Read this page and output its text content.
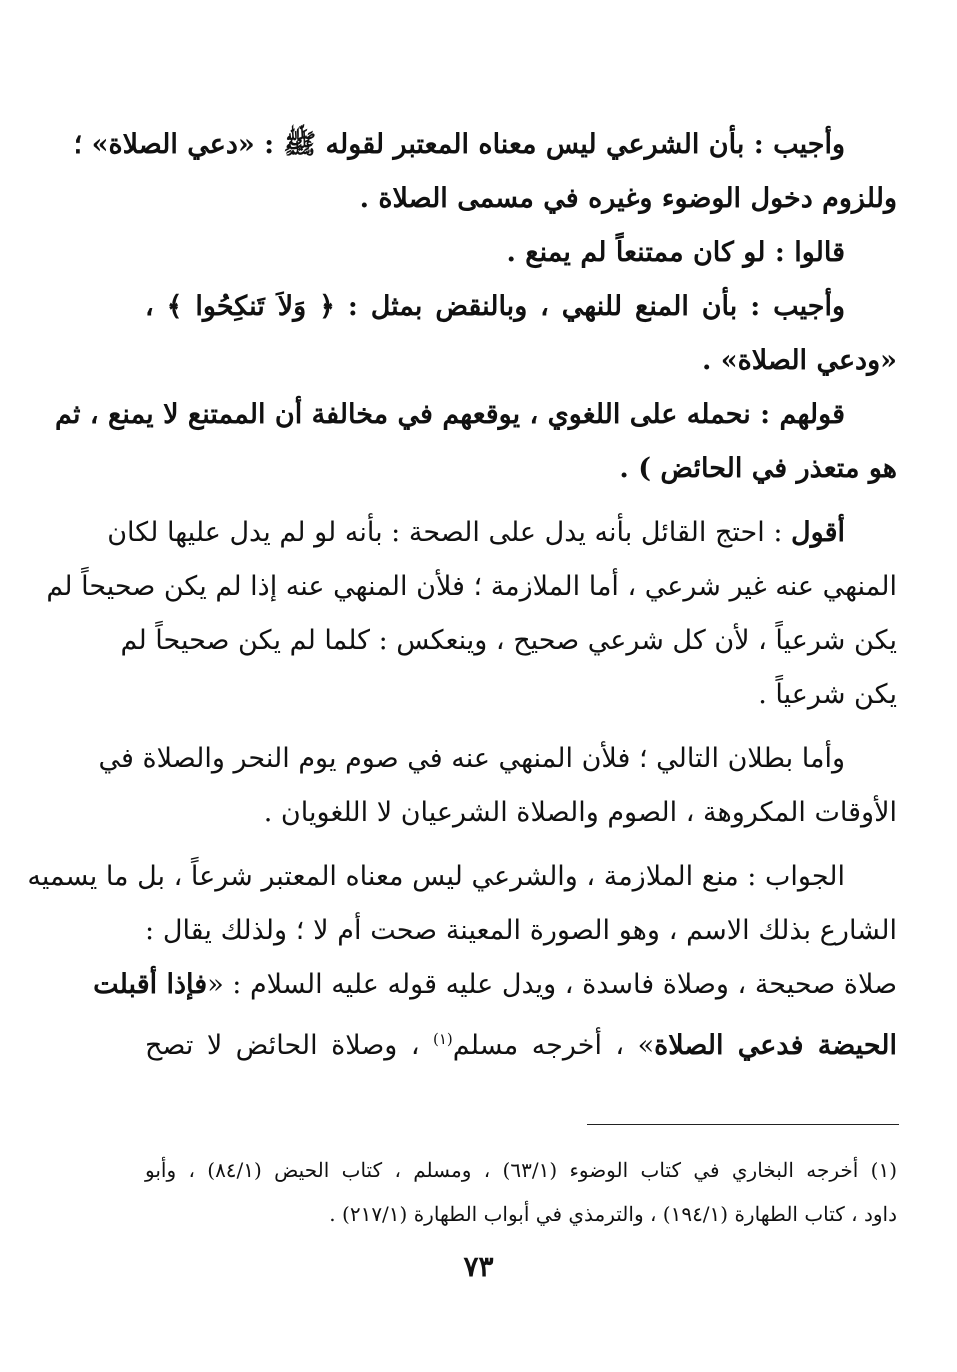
وأجيب : بأن الشرعي ليس معناه المعتبر لقوله ﷺ : «دعي الصلاة» ؛
وللزوم دخول الوضوء وغيره في مسمى الصلاة .
قالوا : لو كان ممتنعاً لم يمنع .
وأجيب : بأن المنع للنهي ، وبالنقض بمثل : ﴿ وَلاَ تَنكِحُوا ﴾ ،
«ودعي الصلاة» .
قولهم : نحمله على اللغوي ، يوقعهم في مخالفة أن الممتنع لا يمنع ، ثم
هو متعذر في الحائض ) .
أقول : احتج القائل بأنه يدل على الصحة : بأنه لو لم يدل عليها لكان
المنهي عنه غير شرعي ، أما الملازمة ؛ فلأن المنهي عنه إذا لم يكن صحيحاً لم
يكن شرعياً ، لأن كل شرعي صحيح ، وينعكس : كلما لم يكن صحيحاً لم
يكن شرعياً .
وأما بطلان التالي ؛ فلأن المنهي عنه في صوم يوم النحر والصلاة في
الأوقات المكروهة ، الصوم والصلاة الشرعيان لا اللغويان .
الجواب : منع الملازمة ، والشرعي ليس معناه المعتبر شرعاً ، بل ما يسميه
الشارع بذلك الاسم ، وهو الصورة المعينة صحت أم لا ؛ ولذلك يقال :
صلاة صحيحة ، وصلاة فاسدة ، ويدل عليه قوله عليه السلام : «فإذا أقبلت
الحيضة فدعي الصلاة» ، أخرجه مسلم$^{(١)}$ ، وصلاة الحائض لا تصح
(١) أخرجه البخاري في كتاب الوضوء (٦٣/١) ، ومسلم ، كتاب الحيض (٨٤/١) ، وأبو
داود ، كتاب الطهارة (١٩٤/١) ، والترمذي في أبواب الطهارة (٢١٧/١) .
٧٣
